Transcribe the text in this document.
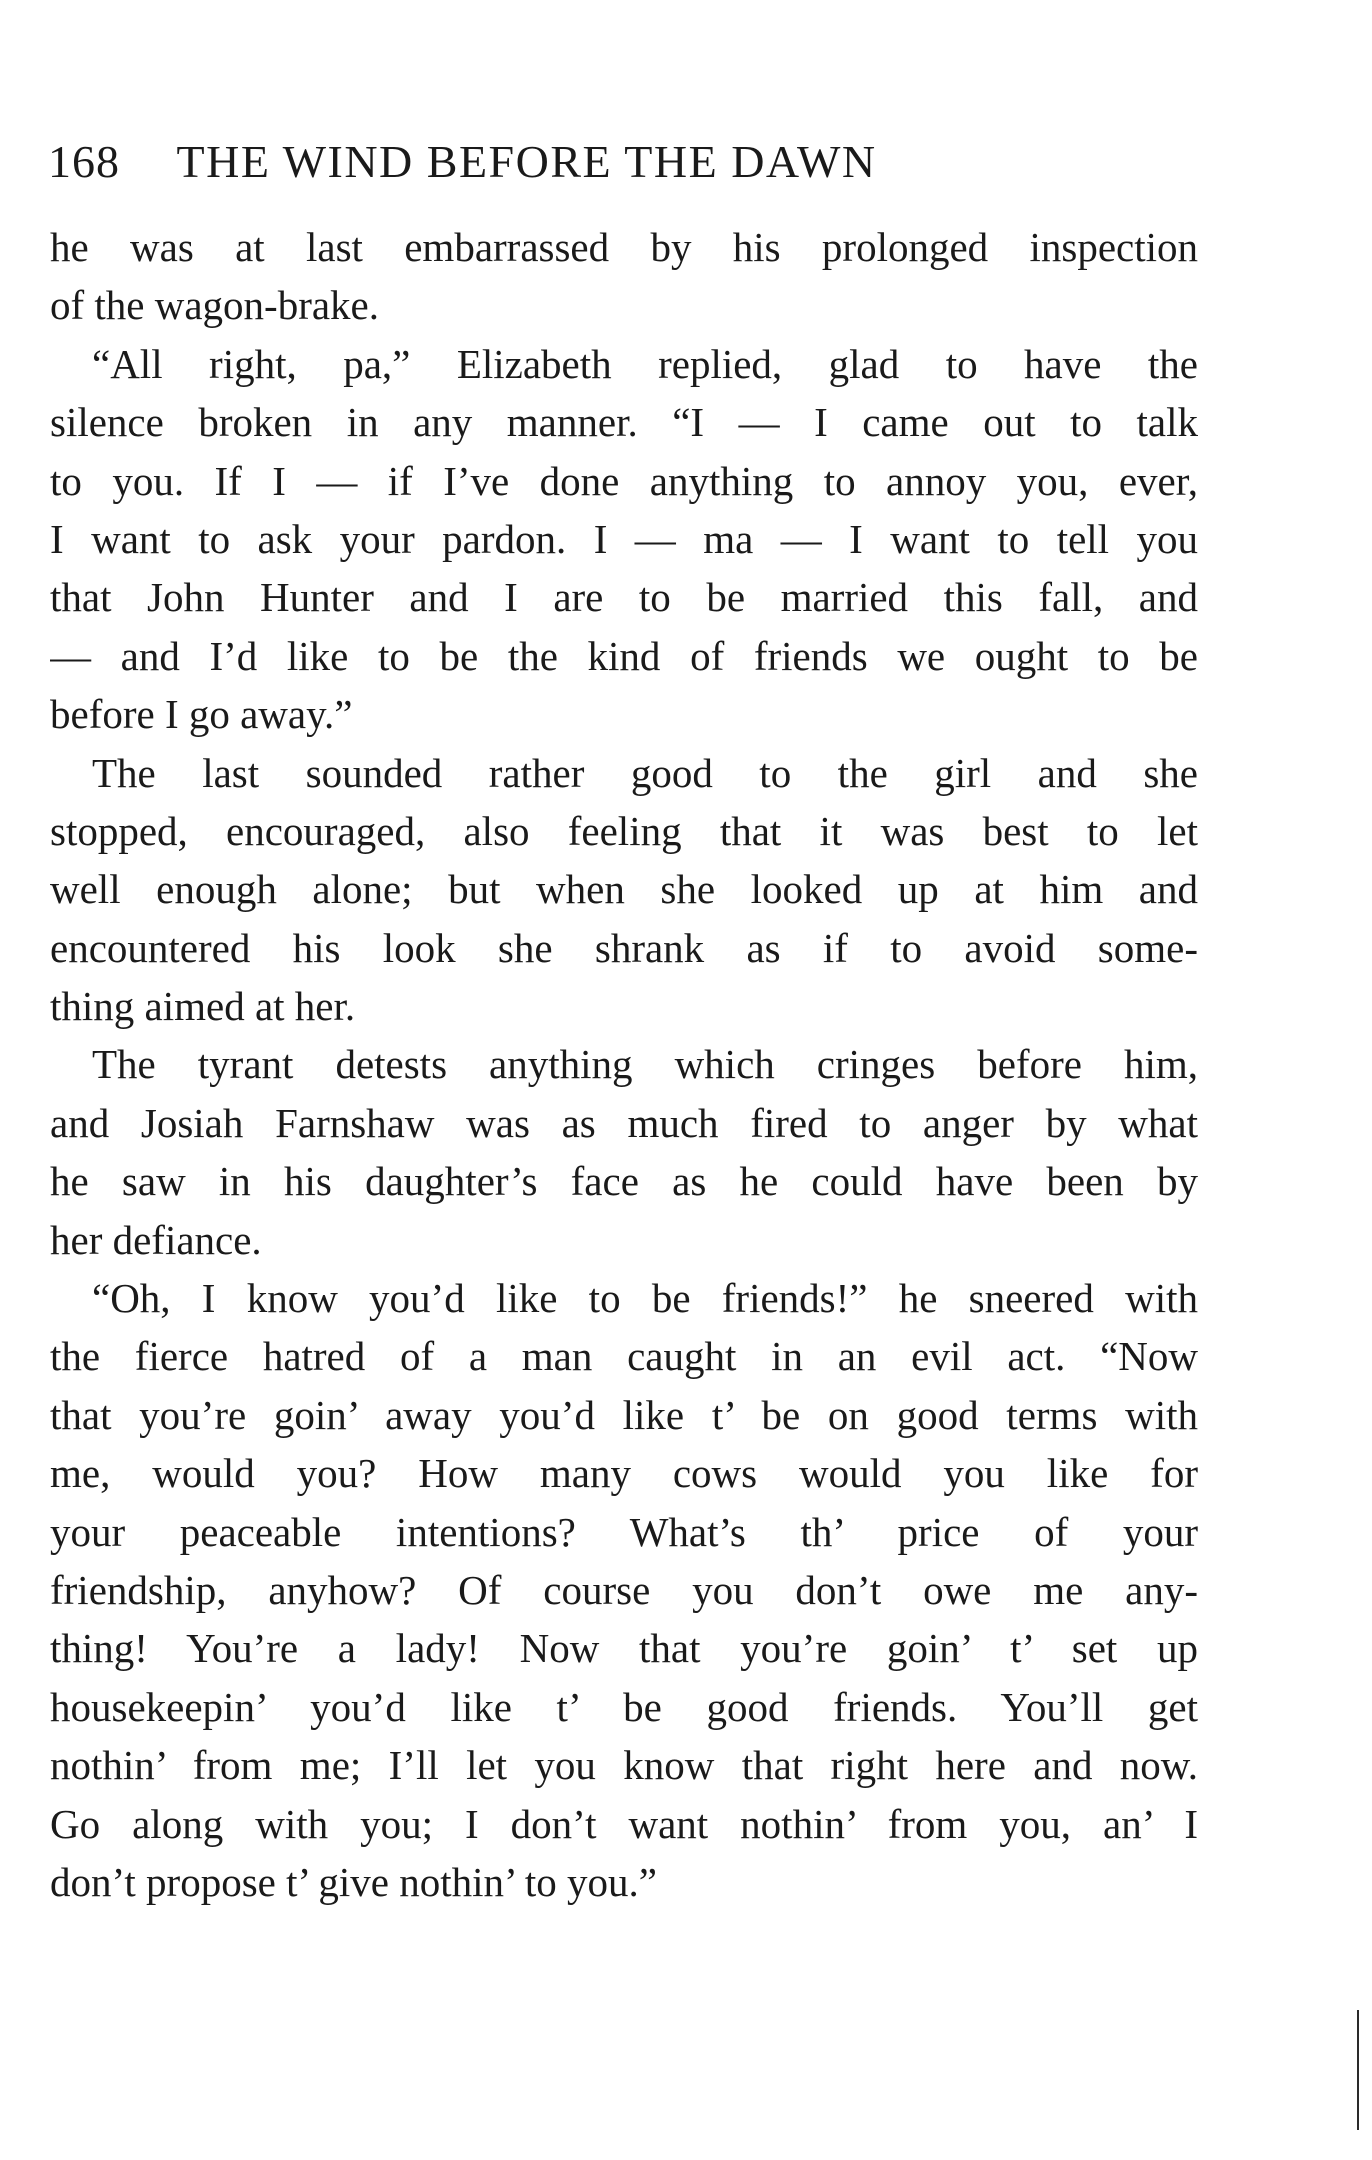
168 THE WIND BEFORE THE DAWN
he was at last embarrassed by his prolonged inspection
of the wagon-brake.
“All right, pa,” Elizabeth replied, glad to have the
silence broken in any manner. “I — I came out to talk
to you. If I — if I’ve done anything to annoy you, ever,
I want to ask your pardon. I — ma — I want to tell you
that John Hunter and I are to be married this fall, and
— and I’d like to be the kind of friends we ought to be
before I go away.”
The last sounded rather good to the girl and she
stopped, encouraged, also feeling that it was best to let
well enough alone; but when she looked up at him and
encountered his look she shrank as if to avoid some-
thing aimed at her.
The tyrant detests anything which cringes before him,
and Josiah Farnshaw was as much fired to anger by what
he saw in his daughter’s face as he could have been by
her defiance.
“Oh, I know you’d like to be friends!” he sneered with
the fierce hatred of a man caught in an evil act. “Now
that you’re goin’ away you’d like t’ be on good terms with
me, would you? How many cows would you like for
your peaceable intentions? What’s th’ price of your
friendship, anyhow? Of course you don’t owe me any-
thing! You’re a lady! Now that you’re goin’ t’ set up
housekeepin’ you’d like t’ be good friends. You’ll get
nothin’ from me; I’ll let you know that right here and now.
Go along with you; I don’t want nothin’ from you, an’ I
don’t propose t’ give nothin’ to you.”
